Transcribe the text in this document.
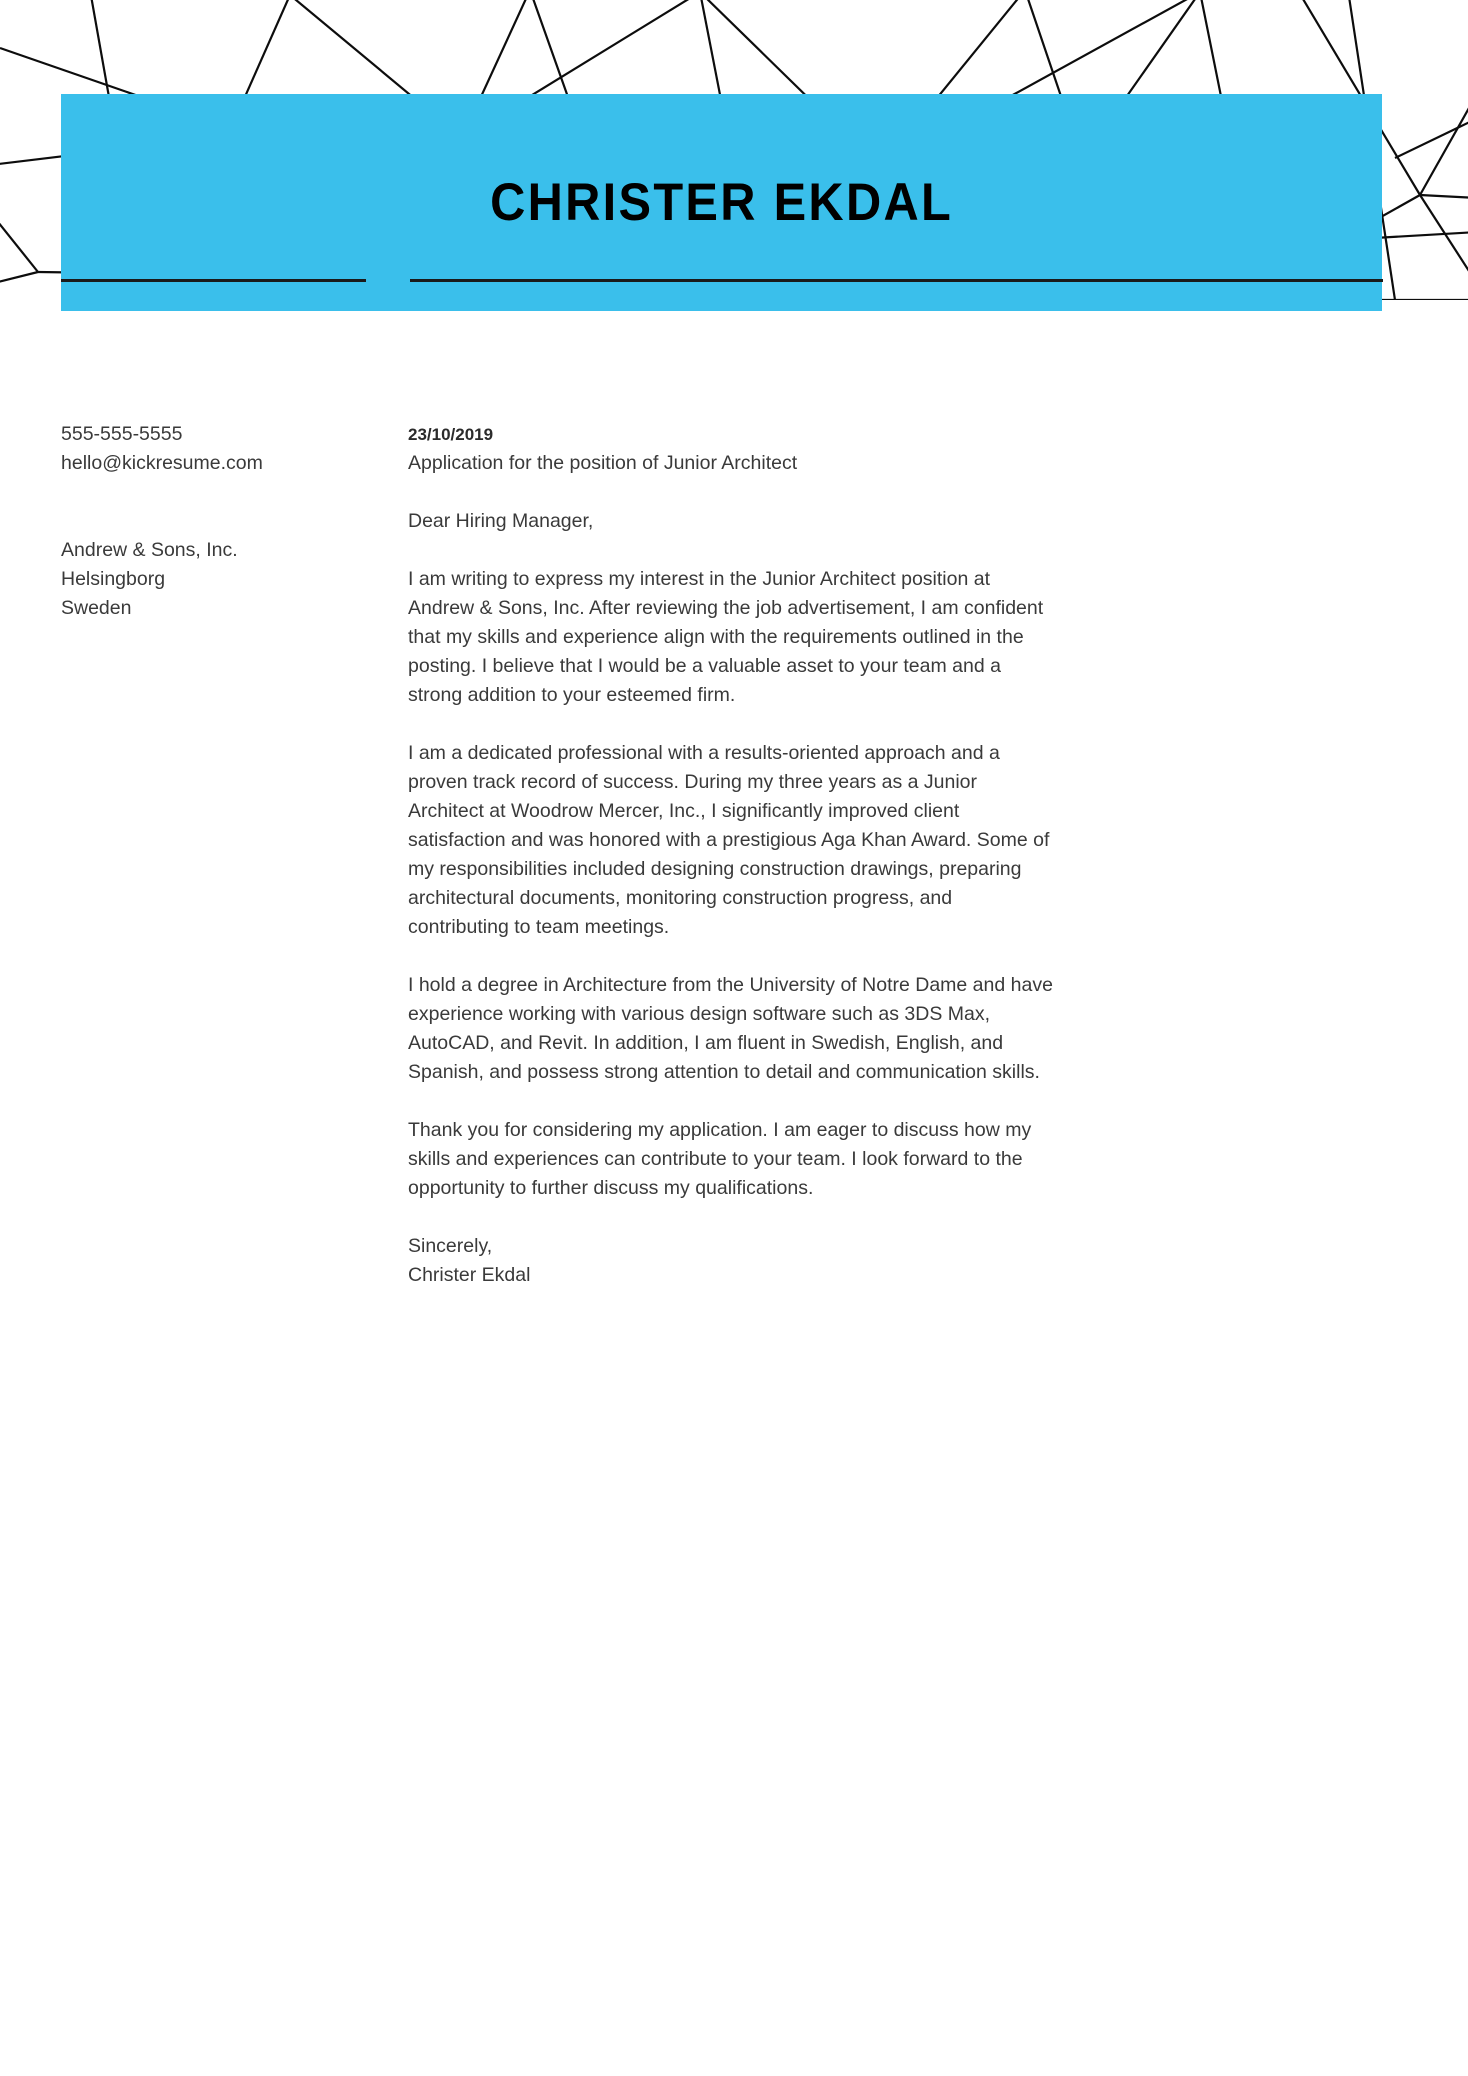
CHRISTER EKDAL
555-555-5555
hello@kickresume.com
Andrew & Sons, Inc.
Helsingborg
Sweden
23/10/2019
Application for the position of Junior Architect
Dear Hiring Manager,
I am writing to express my interest in the Junior Architect position at Andrew & Sons, Inc. After reviewing the job advertisement, I am confident that my skills and experience align with the requirements outlined in the posting. I believe that I would be a valuable asset to your team and a strong addition to your esteemed firm.
I am a dedicated professional with a results-oriented approach and a proven track record of success. During my three years as a Junior Architect at Woodrow Mercer, Inc., I significantly improved client satisfaction and was honored with a prestigious Aga Khan Award. Some of my responsibilities included designing construction drawings, preparing architectural documents, monitoring construction progress, and contributing to team meetings.
I hold a degree in Architecture from the University of Notre Dame and have experience working with various design software such as 3DS Max, AutoCAD, and Revit. In addition, I am fluent in Swedish, English, and Spanish, and possess strong attention to detail and communication skills.
Thank you for considering my application. I am eager to discuss how my skills and experiences can contribute to your team. I look forward to the opportunity to further discuss my qualifications.
Sincerely,
Christer Ekdal
